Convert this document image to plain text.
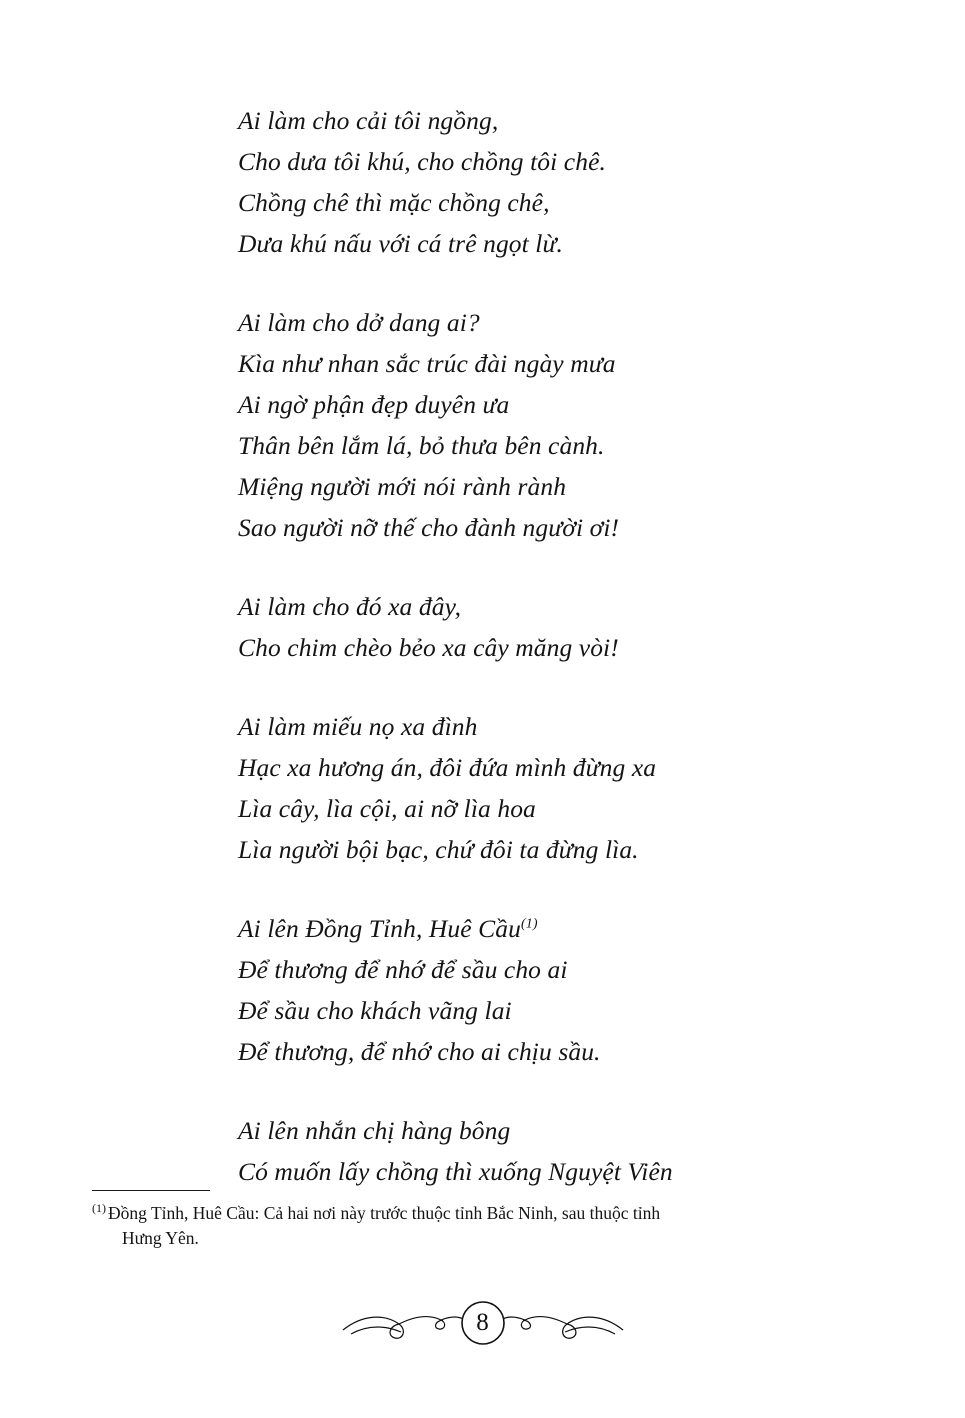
Ai làm cho cải tôi ngồng,
Cho dưa tôi khú, cho chồng tôi chê.
Chồng chê thì mặc chồng chê,
Dưa khú nấu với cá trê ngọt lừ.
Ai làm cho dở dang ai?
Kìa như nhan sắc trúc đài ngày mưa
Ai ngờ phận đẹp duyên ưa
Thân bên lắm lá, bỏ thưa bên cành.
Miệng người mới nói rành rành
Sao người nỡ thế cho đành người ơi!
Ai làm cho đó xa đây,
Cho chim chèo bẻo xa cây măng vòi!
Ai làm miếu nọ xa đình
Hạc xa hương án, đôi đứa mình đừng xa
Lìa cây, lìa cội, ai nỡ lìa hoa
Lìa người bội bạc, chứ đôi ta đừng lìa.
Ai lên Đồng Tỉnh, Huê Cầu$^{(1)}$
Để thương để nhớ để sầu cho ai
Để sầu cho khách vãng lai
Để thương, để nhớ cho ai chịu sầu.
Ai lên nhắn chị hàng bông
Có muốn lấy chồng thì xuống Nguyệt Viên
$^{(1)}$ Đồng Tỉnh, Huê Cầu: Cả hai nơi này trước thuộc tỉnh Bắc Ninh, sau thuộc tỉnh
Hưng Yên.
8
